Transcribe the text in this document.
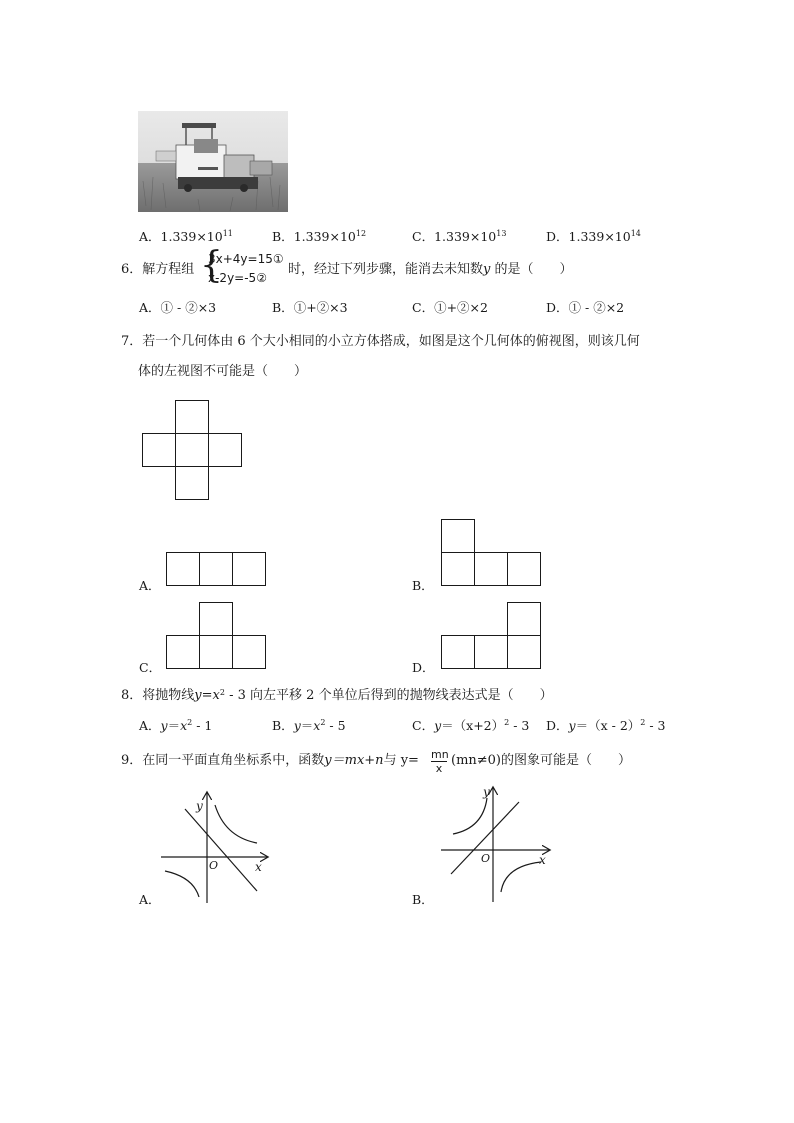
A．$1.339\times 10^{11}$	B．$1.339\times 10^{12}$	C．$1.339\times 10^{13}$	D．$1.339\times 10^{14}$
6．解方程组 {
3x+4y=15①
x-2y=-5②
时，经过下列步骤，能消去未知数y 的是（　　）
A．① - ②×3	B．①+②×3	C．①+②×2	D．① - ②×2
7．若一个几何体由 6 个大小相同的小立方体搭成，如图是这个几何体的俯视图，则该几何
体的左视图不可能是（　　）
A．	B．
C．	D．
8．将抛物线$y=x^2 - 3$ 向左平移 2 个单位后得到的抛物线表达式是（　　）
A．$y=x^2 - 1$	B．$y=x^2 - 5$	C．$y=(x+2)^2 - 3$ D．y＝（x - 2）$^2$ - 3
9．在同一平面直角坐标系中，函数y＝mx+n与 $y= \frac{mn}{x} (mn\ne 0)$的图象可能是（　　）
A．
y
x
O
B．
y
x
O
